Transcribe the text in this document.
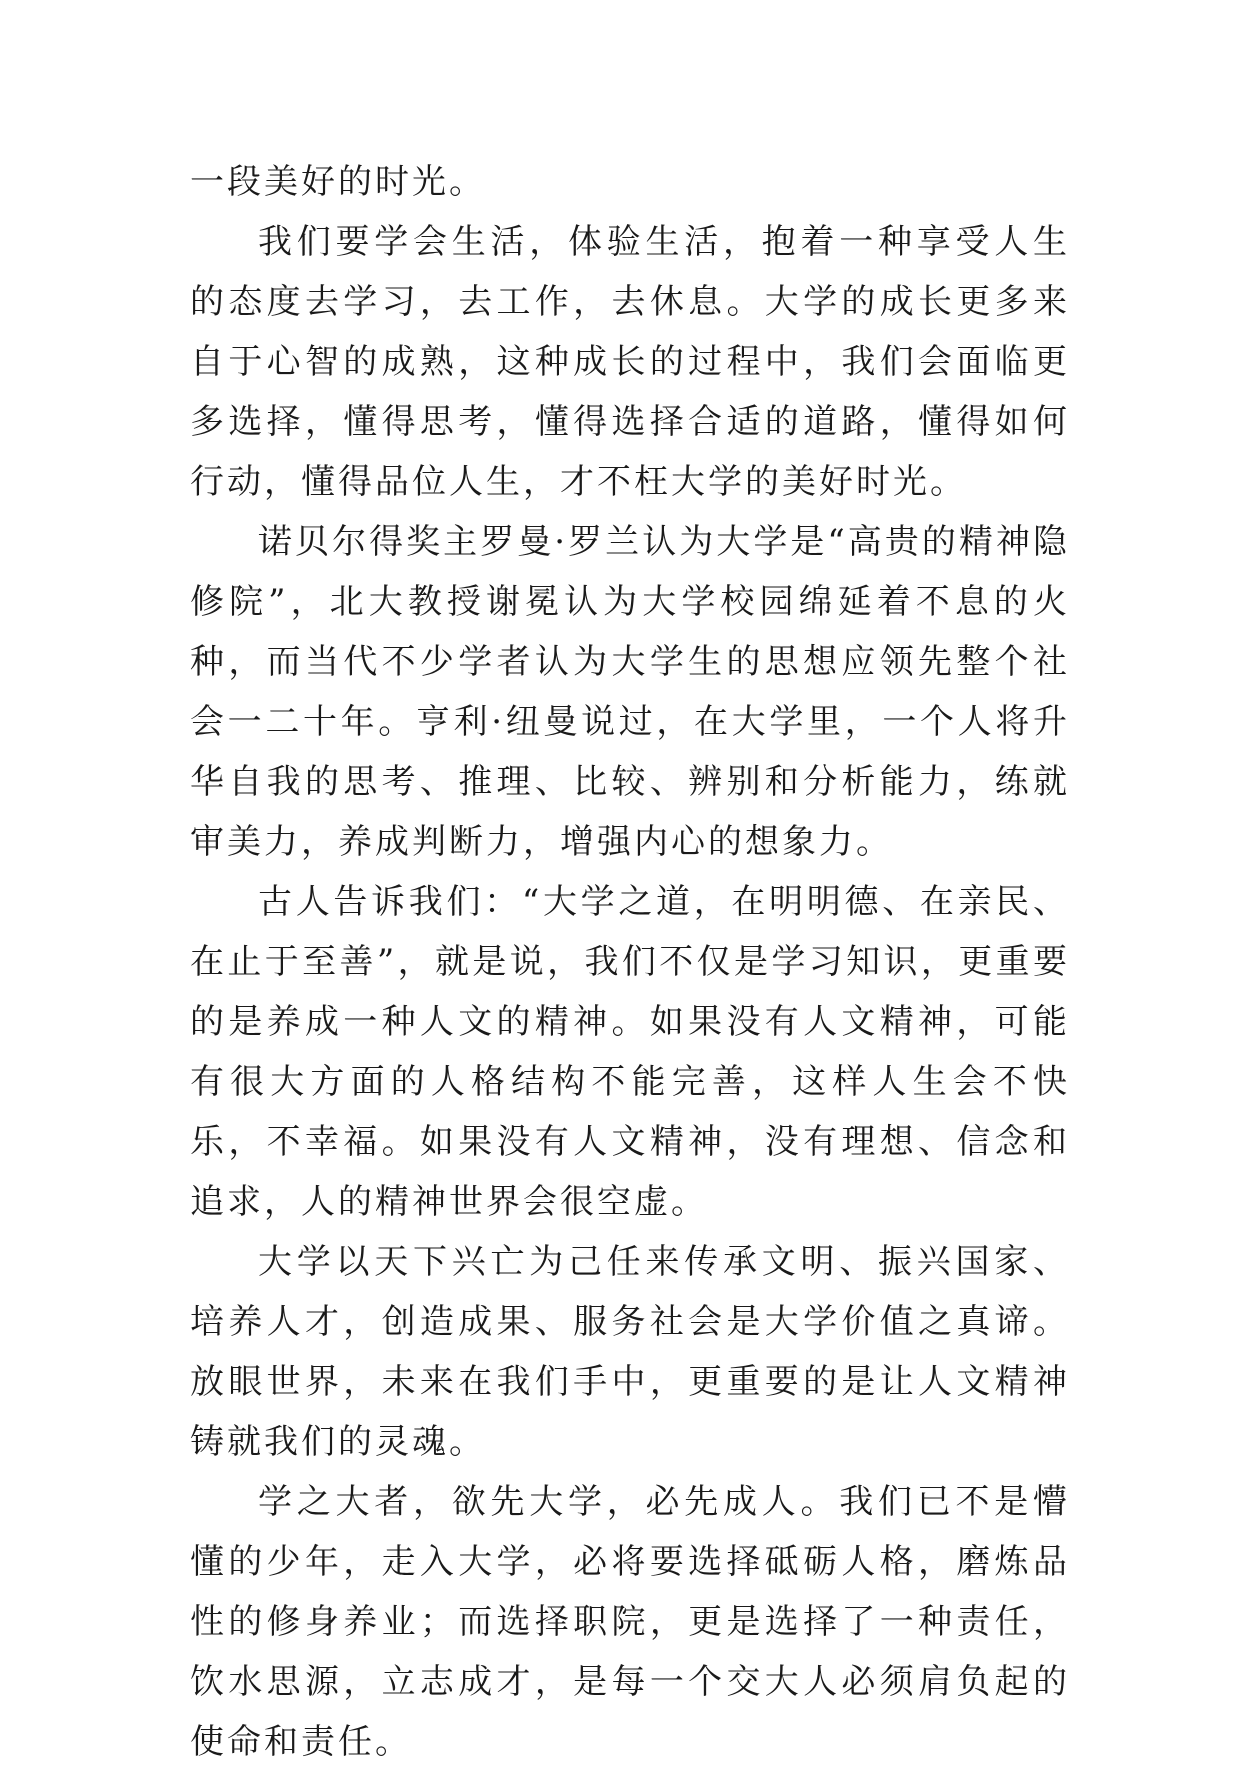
一段美好的时光。

我们要学会生活，体验生活，抱着一种享受人生的态度去学习，去工作，去休息。大学的成长更多来自于心智的成熟，这种成长的过程中，我们会面临更多选择，懂得思考，懂得选择合适的道路，懂得如何行动，懂得品位人生，才不枉大学的美好时光。

诺贝尔得奖主罗曼·罗兰认为大学是“高贵的精神隐修院”，北大教授谢冕认为大学校园绵延着不息的火种，而当代不少学者认为大学生的思想应领先整个社会一二十年。亨利·纽曼说过，在大学里，一个人将升华自我的思考、推理、比较、辨别和分析能力，练就审美力，养成判断力，增强内心的想象力。

古人告诉我们：“大学之道，在明明德、在亲民、在止于至善”，就是说，我们不仅是学习知识，更重要的是养成一种人文的精神。如果没有人文精神，可能有很大方面的人格结构不能完善，这样人生会不快乐，不幸福。如果没有人文精神，没有理想、信念和追求，人的精神世界会很空虚。

大学以天下兴亡为己任来传承文明、振兴国家、培养人才，创造成果、服务社会是大学价值之真谛。放眼世界，未来在我们手中，更重要的是让人文精神铸就我们的灵魂。

学之大者，欲先大学，必先成人。我们已不是懵懂的少年，走入大学，必将要选择砥砺人格，磨炼品性的修身养业；而选择职院，更是选择了一种责任，饮水思源，立志成才，是每一个交大人必须肩负起的使命和责任。
